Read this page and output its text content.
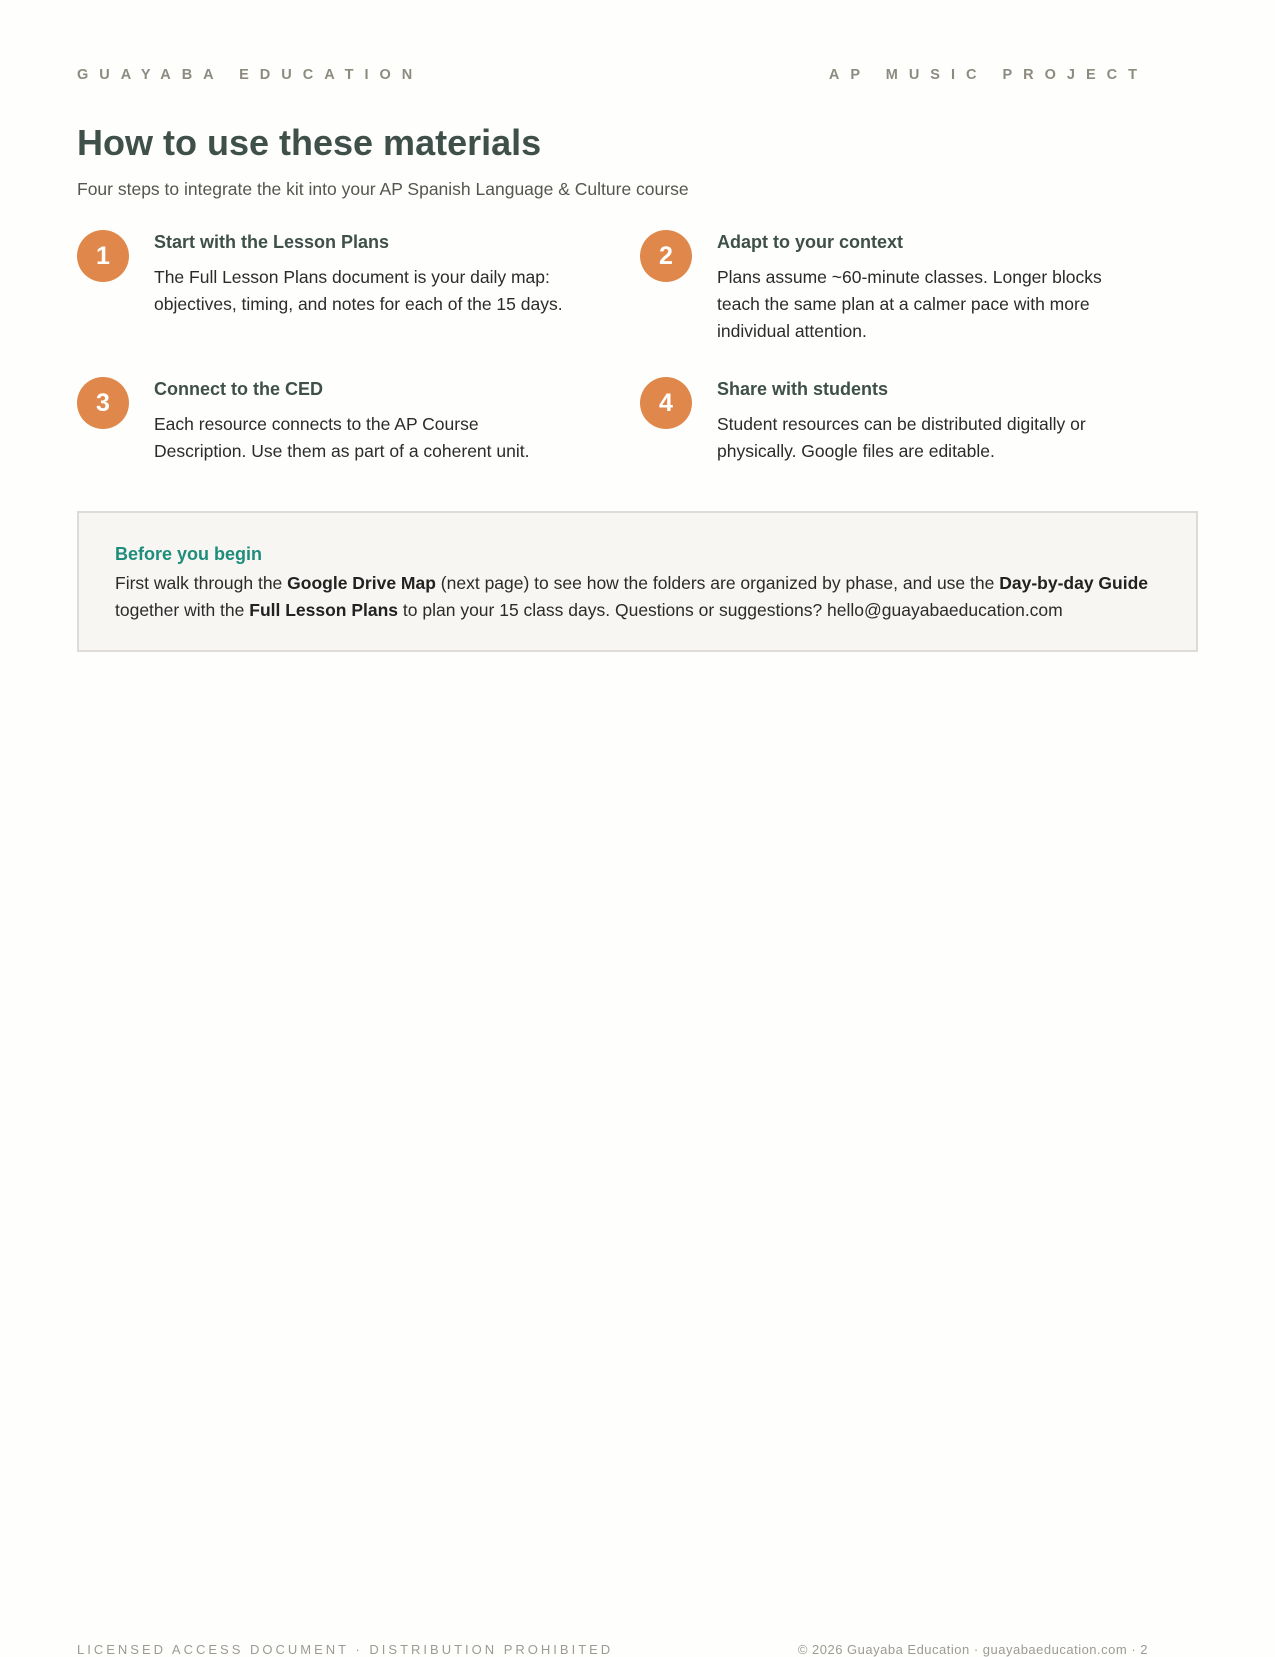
GUAYABA EDUCATION	AP MUSIC PROJECT
How to use these materials
Four steps to integrate the kit into your AP Spanish Language & Culture course
1	Start with the Lesson Plans
The Full Lesson Plans document is your daily map: objectives, timing, and notes for each of the 15 days.
2	Adapt to your context
Plans assume ~60-minute classes. Longer blocks teach the same plan at a calmer pace with more individual attention.
3	Connect to the CED
Each resource connects to the AP Course Description. Use them as part of a coherent unit.
4	Share with students
Student resources can be distributed digitally or physically. Google files are editable.
Before you begin
First walk through the Google Drive Map (next page) to see how the folders are organized by phase, and use the Day-by-day Guide together with the Full Lesson Plans to plan your 15 class days. Questions or suggestions? hello@guayabaeducation.com
LICENSED ACCESS DOCUMENT · DISTRIBUTION PROHIBITED	© 2026 Guayaba Education · guayabaeducation.com · 2
